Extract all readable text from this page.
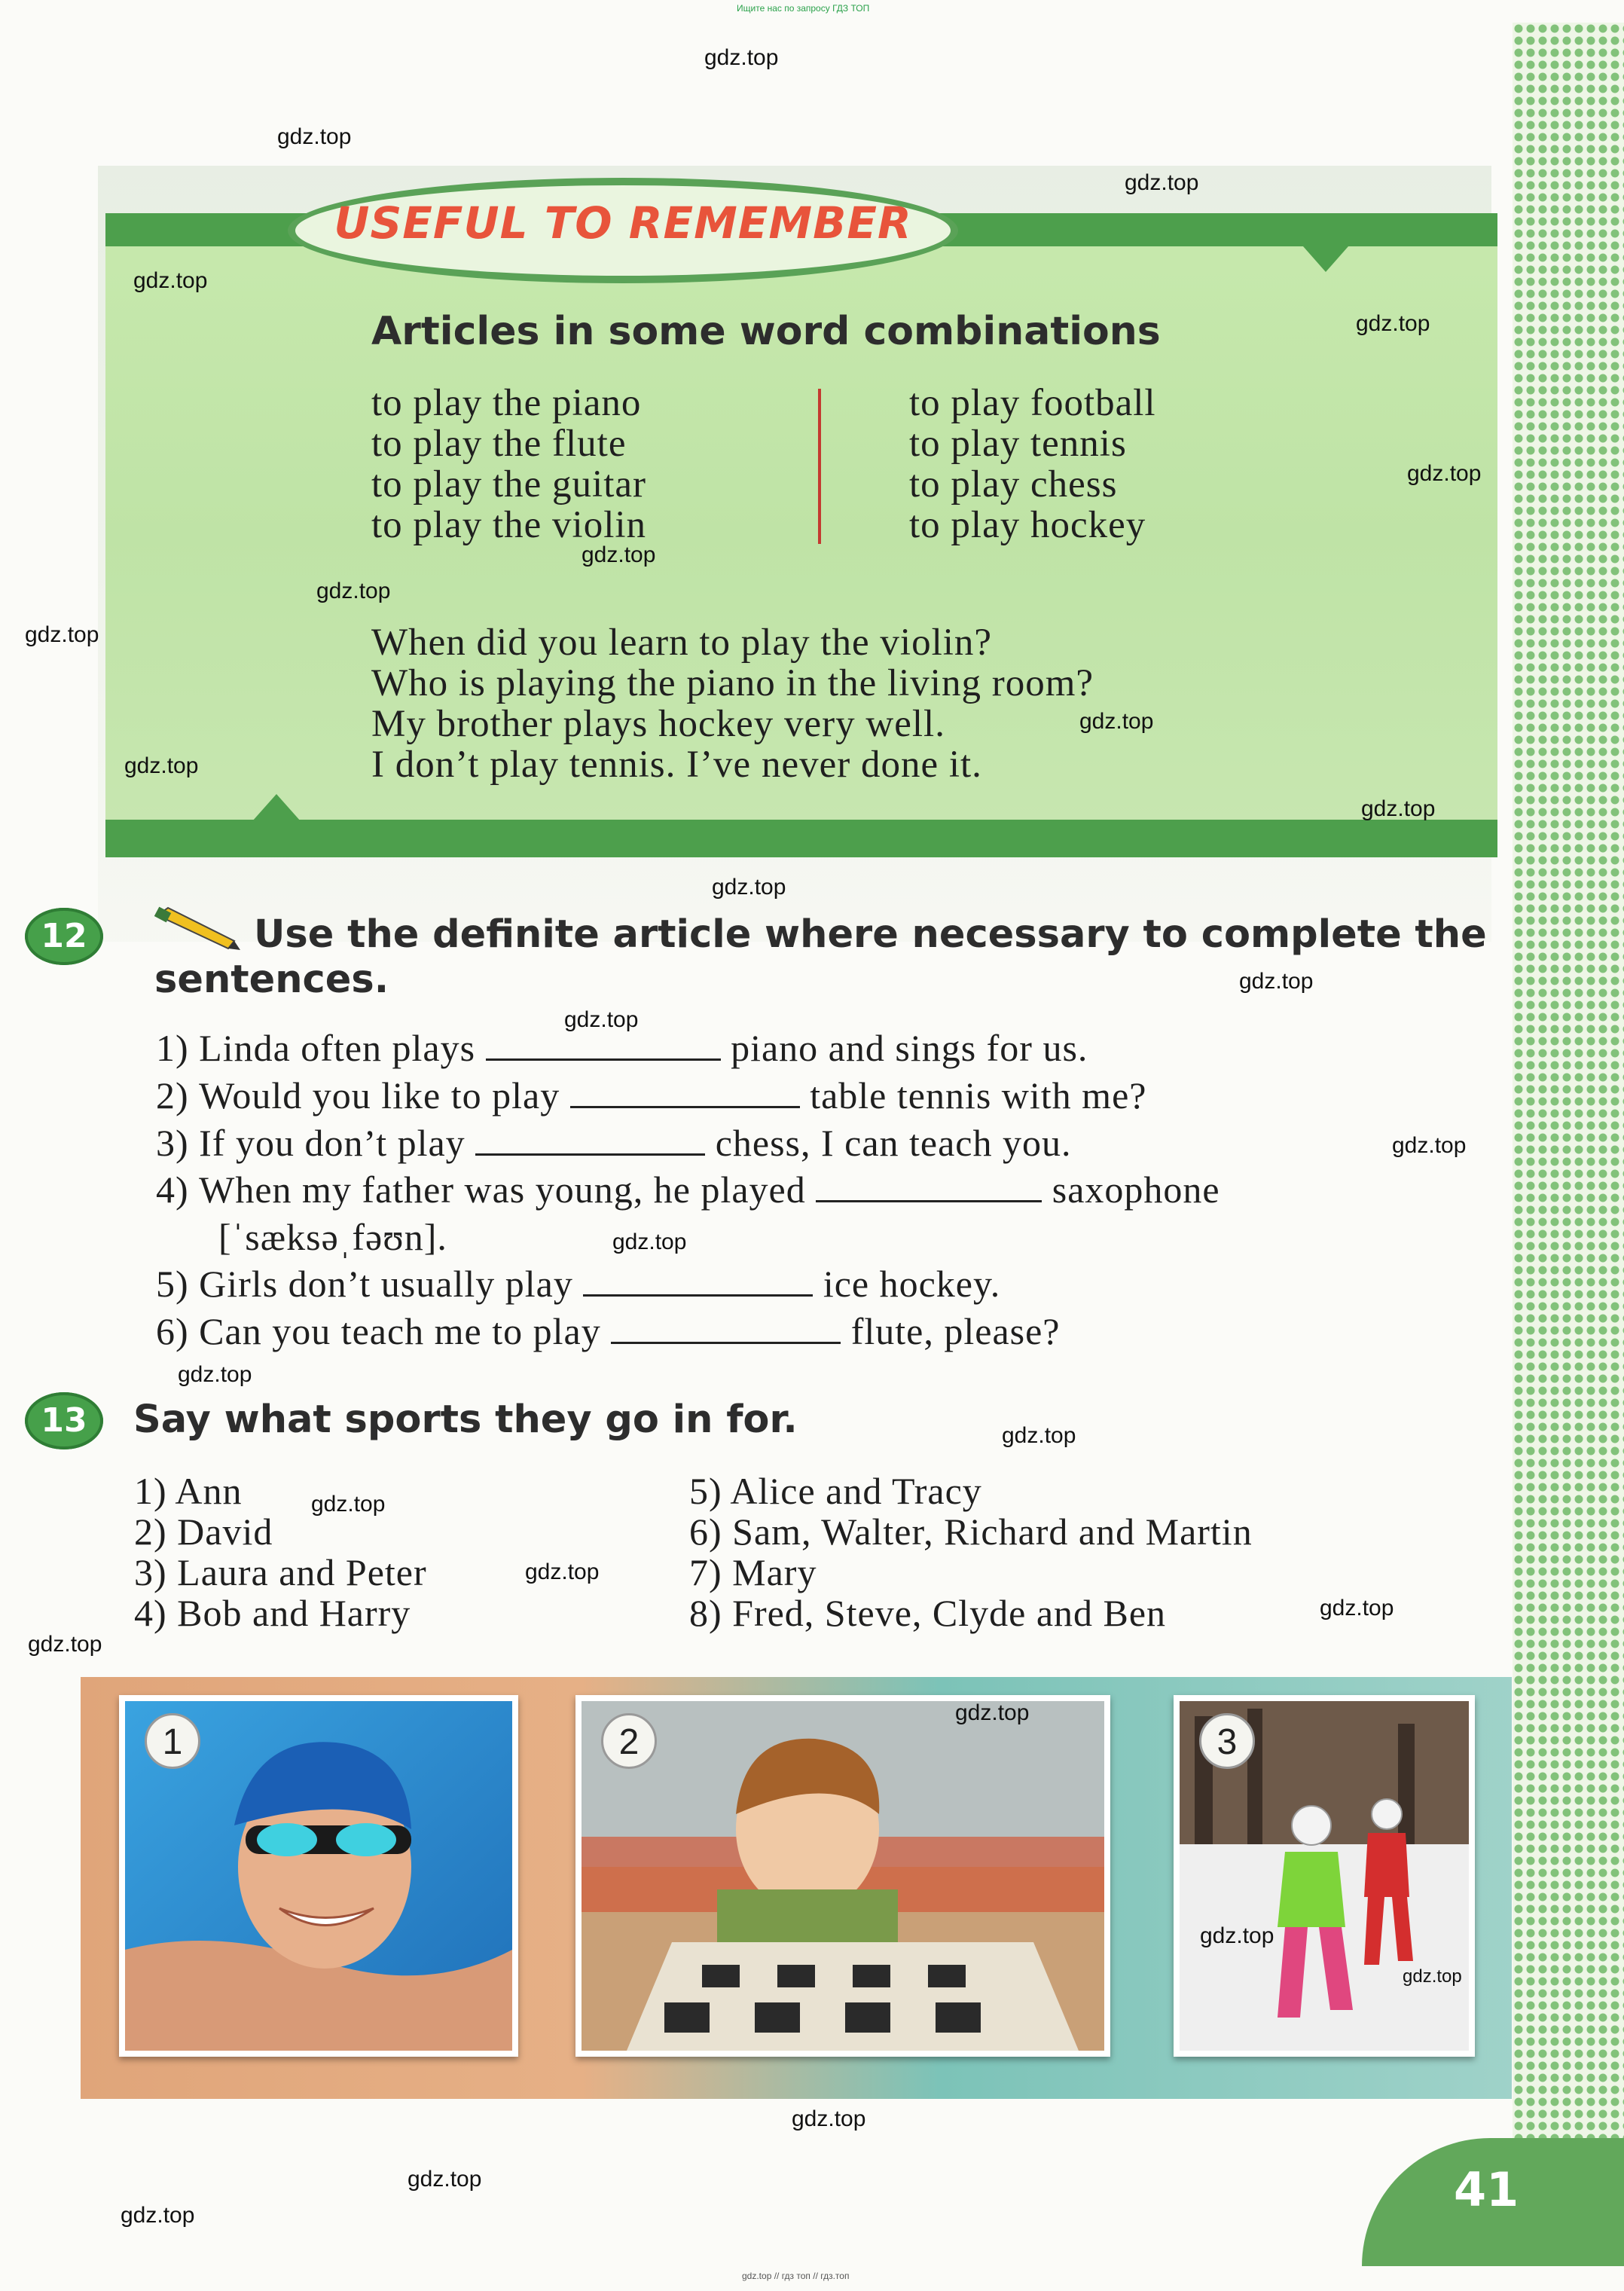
Ищите нас по запросу ГДЗ ТОП
USEFUL TO REMEMBER
Articles in some word combinations
to play the piano
to play the flute
to play the guitar
to play the violin
to play football
to play tennis
to play chess
to play hockey
When did you learn to play the violin?
Who is playing the piano in the living room?
My brother plays hockey very well.
I don’t play tennis. I’ve never done it.
12	Use the definite article where necessary to complete the
sentences.
1) Linda often plays	piano and sings for us.
2) Would you like to play	table tennis with me?
3) If you don’t play	chess, I can teach you.
4) When my father was young, he played	saxophone
[ˈsæksəˌfəʊn].
5) Girls don’t usually play	ice hockey.
6) Can you teach me to play	flute, please?
13	Say what sports they go in for.
1) Ann
2) David
3) Laura and Peter
4) Bob and Harry
5) Alice and Tracy
6) Sam, Walter, Richard and Martin
7) Mary
8) Fred, Steve, Clyde and Ben
1	2	3
41
gdz.top
gdz.top
gdz.top
gdz.top
gdz.top
gdz.top
gdz.top
gdz.top
gdz.top
gdz.top
gdz.top
gdz.top
gdz.top
gdz.top
gdz.top
gdz.top
gdz.top
gdz.top
gdz.top
gdz.top
gdz.top
gdz.top
gdz.top
gdz.top
gdz.top
gdz.top
gdz.top
gdz.top
gdz.top
gdz.top // гдз топ // гдз.топ
